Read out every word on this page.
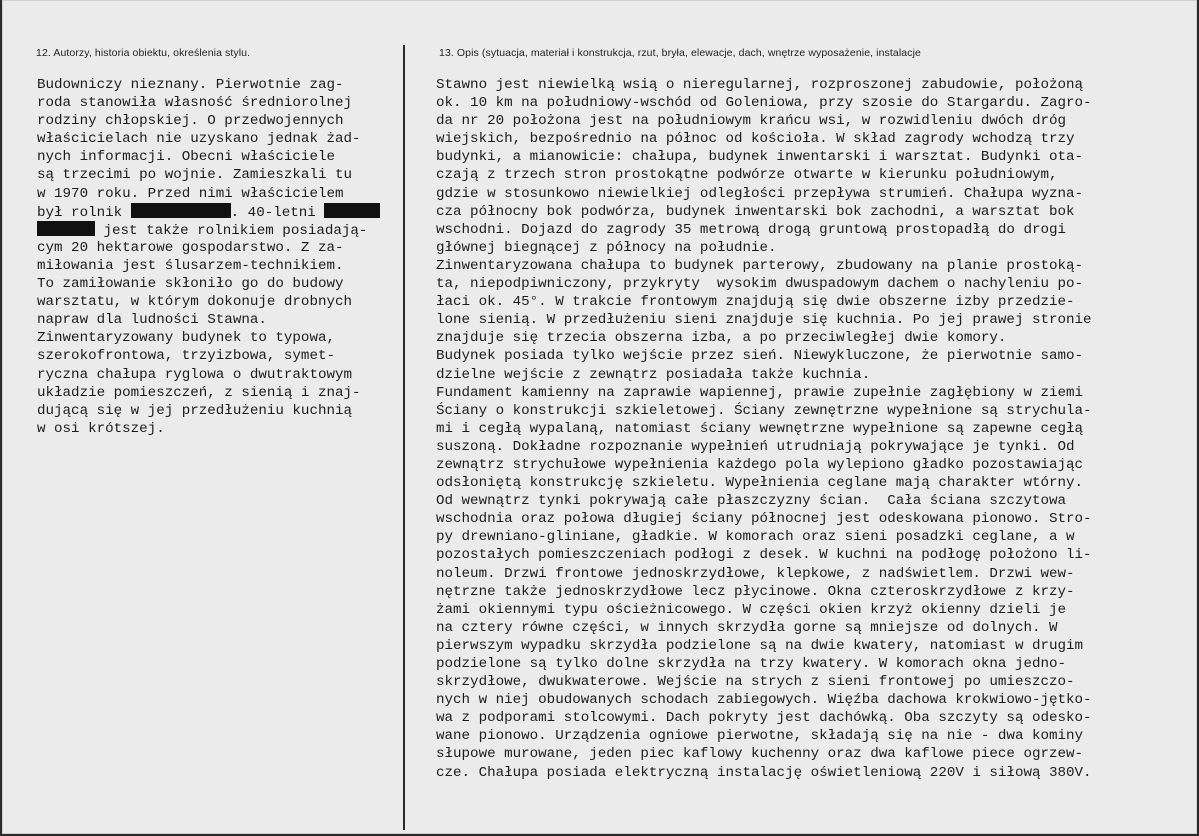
12. Autorzy, historia obiektu, określenia stylu.	13. Opis (sytuacja, materiał i konstrukcja, rzut, bryła, elewacje, dach, wnętrze wyposażenie, instalacje
Budowniczy nieznany. Pierwotnie zag-
roda stanowiła własność średniorolnej
rodziny chłopskiej. O przedwojennych
właścicielach nie uzyskano jednak żad-
nych informacji. Obecni właściciele
są trzecimi po wojnie. Zamieszkali tu
w 1970 roku. Przed nimi właścicielem
był rolnik	. 40-letni
jest także rolnikiem posiadają-
cym 20 hektarowe gospodarstwo. Z za-
miłowania jest ślusarzem-technikiem.
To zamiłowanie skłoniło go do budowy
warsztatu, w którym dokonuje drobnych
napraw dla ludności Stawna.
Zinwentaryzowany budynek to typowa,
szerokofrontowa, trzyizbowa, symet-
ryczna chałupa ryglowa o dwutraktowym
układzie pomieszczeń, z sienią i znaj-
dującą się w jej przedłużeniu kuchnią
w osi krótszej.
Stawno jest niewielką wsią o nieregularnej, rozproszonej zabudowie, położoną
ok. 10 km na południowy-wschód od Goleniowa, przy szosie do Stargardu. Zagro-
da nr 20 położona jest na południowym krańcu wsi, w rozwidleniu dwóch dróg
wiejskich, bezpośrednio na północ od kościoła. W skład zagrody wchodzą trzy
budynki, a mianowicie: chałupa, budynek inwentarski i warsztat. Budynki ota-
czają z trzech stron prostokątne podwórze otwarte w kierunku południowym,
gdzie w stosunkowo niewielkiej odległości przepływa strumień. Chałupa wyzna-
cza północny bok podwórza, budynek inwentarski bok zachodni, a warsztat bok
wschodni. Dojazd do zagrody 35 metrową drogą gruntową prostopadłą do drogi
głównej biegnącej z północy na południe.
Zinwentaryzowana chałupa to budynek parterowy, zbudowany na planie prostoką-
ta, niepodpiwniczony, przykryty  wysokim dwuspadowym dachem o nachyleniu po-
łaci ok. 45°. W trakcie frontowym znajdują się dwie obszerne izby przedzie-
lone sienią. W przedłużeniu sieni znajduje się kuchnia. Po jej prawej stronie
znajduje się trzecia obszerna izba, a po przeciwległej dwie komory.
Budynek posiada tylko wejście przez sień. Niewykluczone, że pierwotnie samo-
dzielne wejście z zewnątrz posiadała także kuchnia.
Fundament kamienny na zaprawie wapiennej, prawie zupełnie zagłębiony w ziemi
Ściany o konstrukcji szkieletowej. Ściany zewnętrzne wypełnione są strychula-
mi i cegłą wypalaną, natomiast ściany wewnętrzne wypełnione są zapewne cegłą
suszoną. Dokładne rozpoznanie wypełnień utrudniają pokrywające je tynki. Od
zewnątrz strychułowe wypełnienia każdego pola wylepiono gładko pozostawiając
odsłoniętą konstrukcję szkieletu. Wypełnienia ceglane mają charakter wtórny.
Od wewnątrz tynki pokrywają całe płaszczyzny ścian.  Cała ściana szczytowa
wschodnia oraz połowa długiej ściany północnej jest odeskowana pionowo. Stro-
py drewniano-gliniane, gładkie. W komorach oraz sieni posadzki ceglane, a w
pozostałych pomieszczeniach podłogi z desek. W kuchni na podłogę położono li-
noleum. Drzwi frontowe jednoskrzydłowe, klepkowe, z nadświetlem. Drzwi wew-
nętrzne także jednoskrzydłowe lecz płycinowe. Okna czteroskrzydłowe z krzy-
żami okiennymi typu ościeżnicowego. W części okien krzyż okienny dzieli je
na cztery równe części, w innych skrzydła gorne są mniejsze od dolnych. W
pierwszym wypadku skrzydła podzielone są na dwie kwatery, natomiast w drugim
podzielone są tylko dolne skrzydła na trzy kwatery. W komorach okna jedno-
skrzydłowe, dwukwaterowe. Wejście na strych z sieni frontowej po umieszczo-
nych w niej obudowanych schodach zabiegowych. Więźba dachowa krokwiowo-jętko-
wa z podporami stolcowymi. Dach pokryty jest dachówką. Oba szczyty są odesko-
wane pionowo. Urządzenia ogniowe pierwotne, składają się na nie - dwa kominy
słupowe murowane, jeden piec kaflowy kuchenny oraz dwa kaflowe piece ogrzew-
cze. Chałupa posiada elektryczną instalację oświetleniową 220V i siłową 380V.
